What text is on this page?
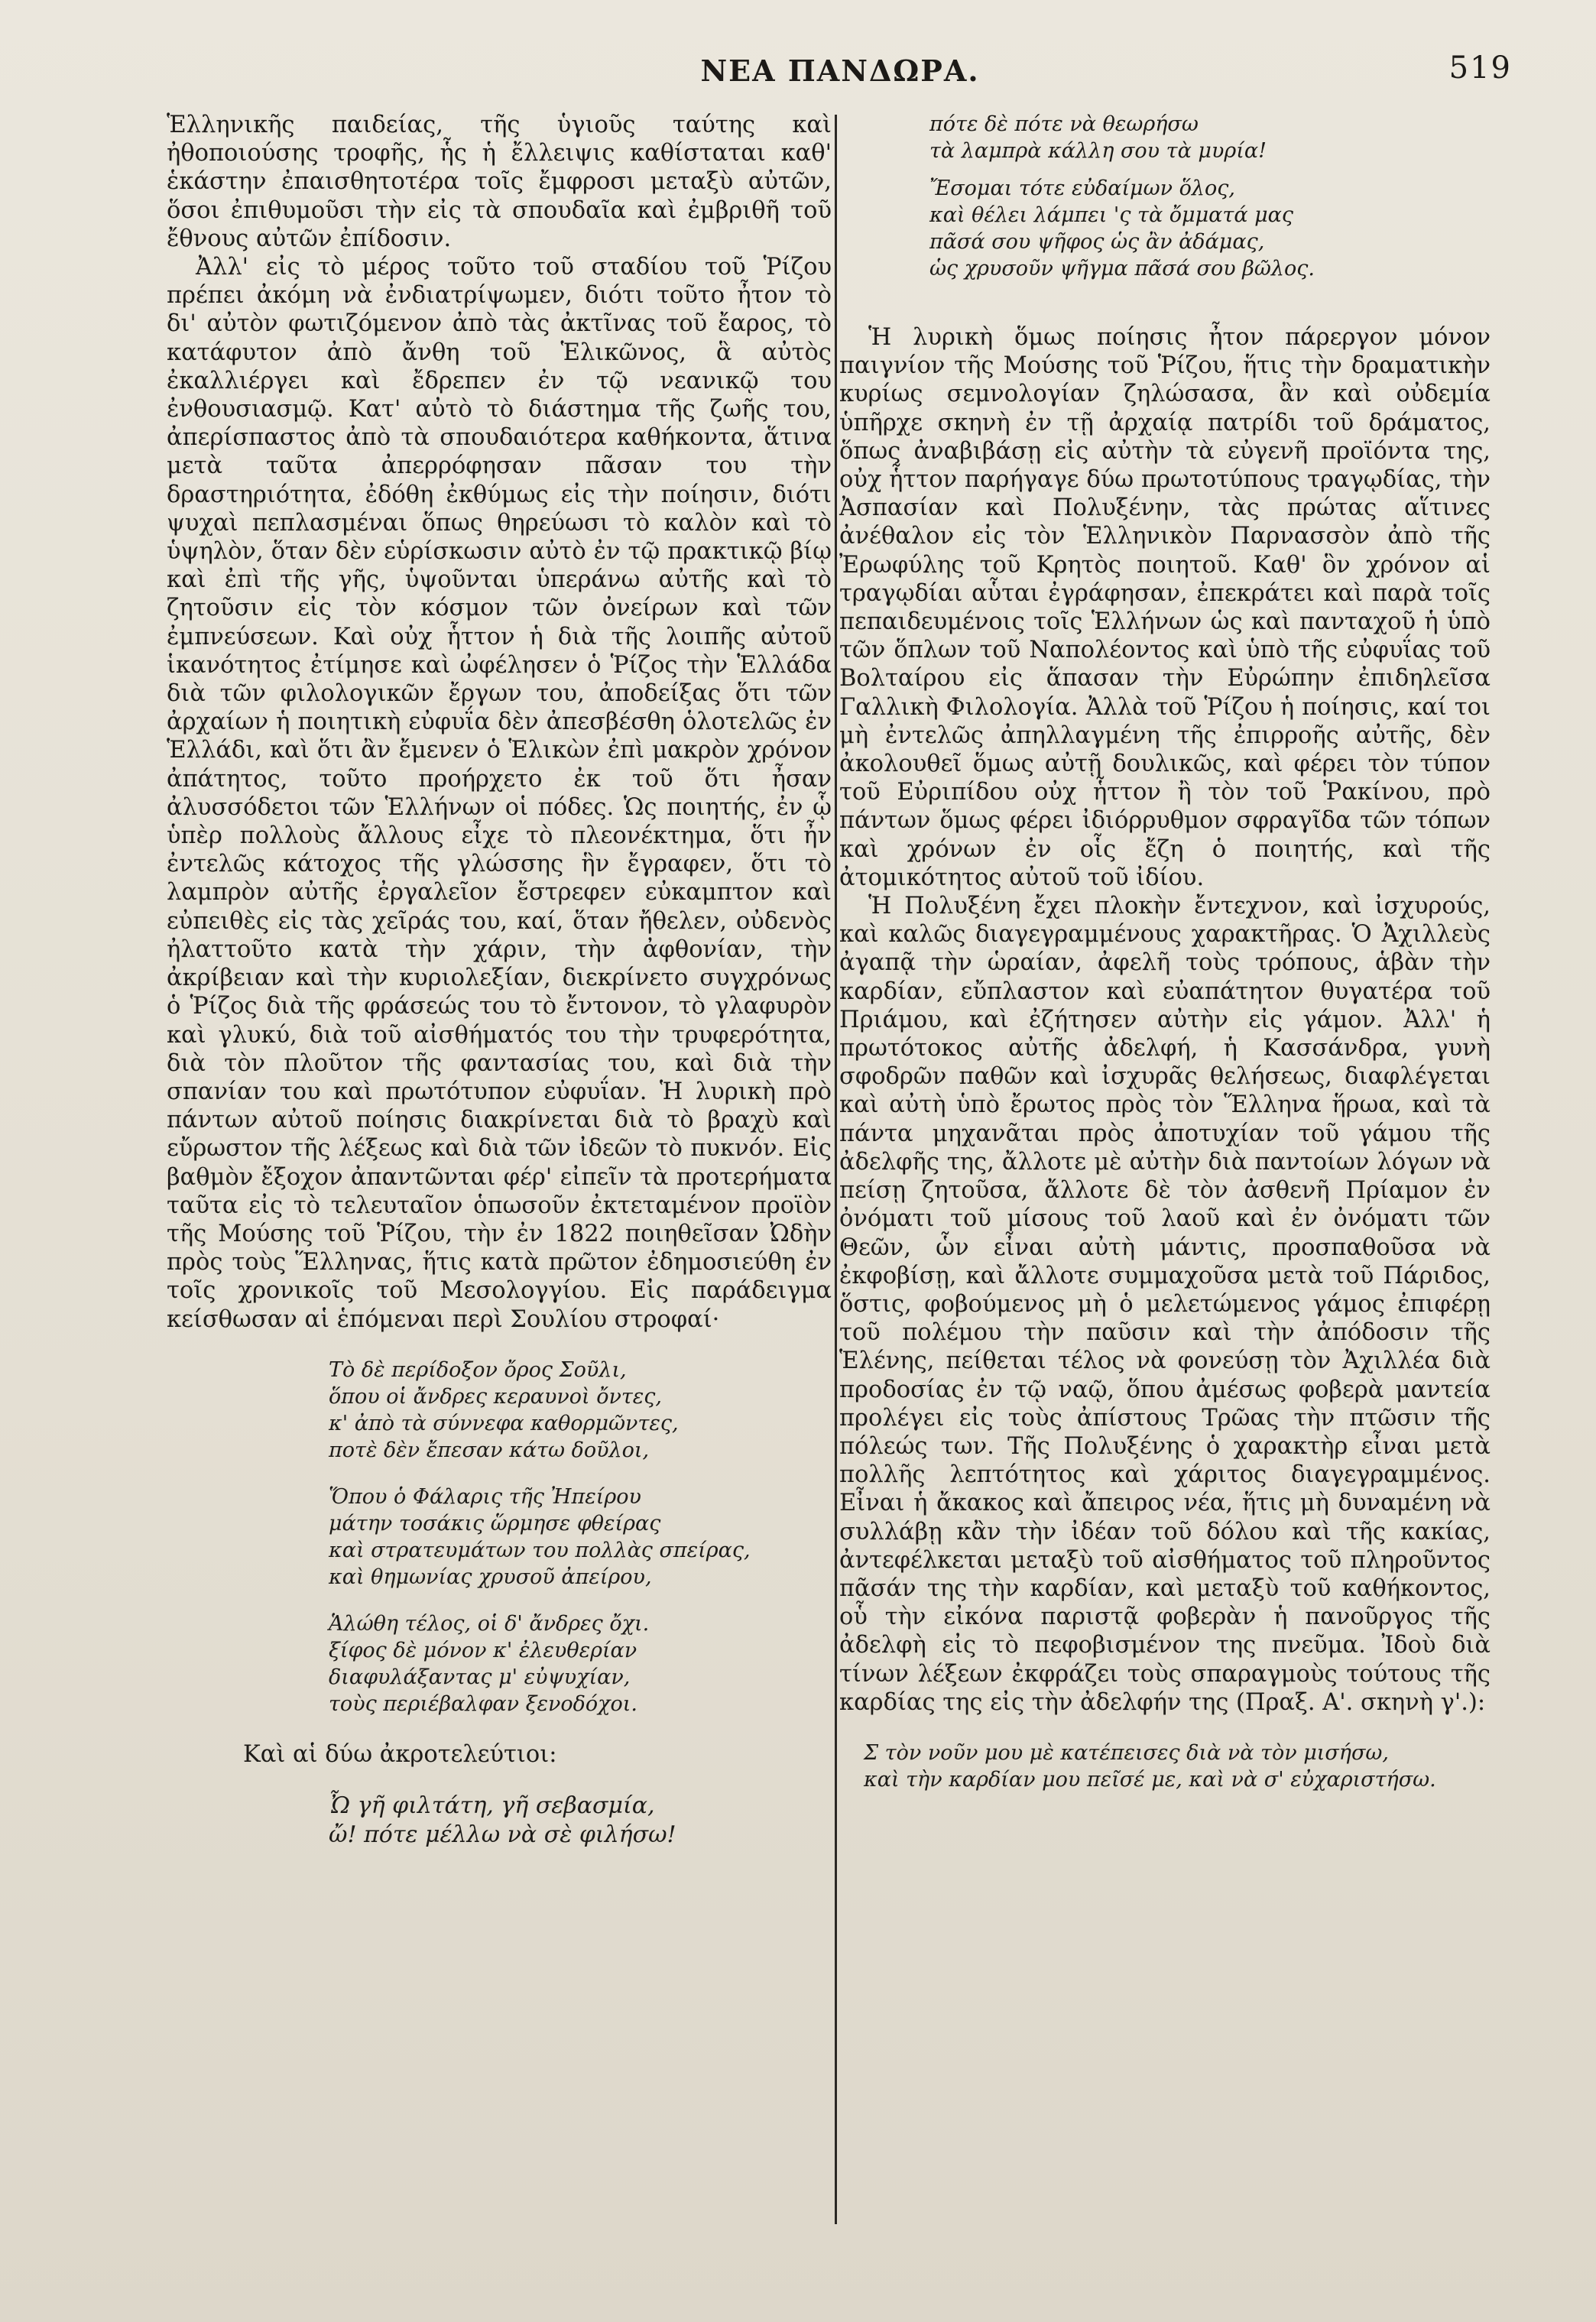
ΝΕΑ ΠΑΝΔΩΡΑ.	519

Ἑλληνικῆς παιδείας, τῆς ὑγιοῦς ταύτης καὶ ἠθοποιούσης τροφῆς, ἧς ἡ ἔλλειψις καθίσταται καθ' ἑκάστην ἐπαισθητοτέρα τοῖς ἔμφροσι μεταξὺ αὐτῶν, ὅσοι ἐπιθυμοῦσι τὴν εἰς τὰ σπουδαῖα καὶ ἐμβριθῆ τοῦ ἔθνους αὐτῶν ἐπίδοσιν.

Ἀλλ' εἰς τὸ μέρος τοῦτο τοῦ σταδίου τοῦ Ῥίζου πρέπει ἀκόμη νὰ ἐνδιατρίψωμεν, διότι τοῦτο ἦτον τὸ δι' αὐτὸν φωτιζόμενον ἀπὸ τὰς ἀκτῖνας τοῦ ἔαρος, τὸ κατάφυτον ἀπὸ ἄνθη τοῦ Ἑλικῶνος, ἃ αὐτὸς ἐκαλλιέργει καὶ ἔδρεπεν ἐν τῷ νεανικῷ του ἐνθουσιασμῷ. Κατ' αὐτὸ τὸ διάστημα τῆς ζωῆς του, ἀπερίσπαστος ἀπὸ τὰ σπουδαιότερα καθήκοντα, ἅτινα μετὰ ταῦτα ἀπερρόφησαν πᾶσαν του τὴν δραστηριότητα, ἐδόθη ἐκθύμως εἰς τὴν ποίησιν, διότι ψυχαὶ πεπλασμέναι ὅπως θηρεύωσι τὸ καλὸν καὶ τὸ ὑψηλὸν, ὅταν δὲν εὑρίσκωσιν αὐτὸ ἐν τῷ πρακτικῷ βίῳ καὶ ἐπὶ τῆς γῆς, ὑψοῦνται ὑπεράνω αὐτῆς καὶ τὸ ζητοῦσιν εἰς τὸν κόσμον τῶν ὀνείρων καὶ τῶν ἐμπνεύσεων. Καὶ οὐχ ἧττον ἡ διὰ τῆς λοιπῆς αὐτοῦ ἱκανότητος ἐτίμησε καὶ ὠφέλησεν ὁ Ῥίζος τὴν Ἑλλάδα διὰ τῶν φιλολογικῶν ἔργων του, ἀποδείξας ὅτι τῶν ἀρχαίων ἡ ποιητικὴ εὐφυΐα δὲν ἀπεσβέσθη ὁλοτελῶς ἐν Ἑλλάδι, καὶ ὅτι ἂν ἔμενεν ὁ Ἑλικὼν ἐπὶ μακρὸν χρόνον ἀπάτητος, τοῦτο προήρχετο ἐκ τοῦ ὅτι ἦσαν ἀλυσσόδετοι τῶν Ἑλλήνων οἱ πόδες. Ὡς ποιητής, ἐν ᾧ ὑπὲρ πολλοὺς ἄλλους εἶχε τὸ πλεονέκτημα, ὅτι ἦν ἐντελῶς κάτοχος τῆς γλώσσης ἣν ἔγραφεν, ὅτι τὸ λαμπρὸν αὐτῆς ἐργαλεῖον ἔστρεφεν εὐκαμπτον καὶ εὐπειθὲς εἰς τὰς χεῖράς του, καί, ὅταν ἤθελεν, οὐδενὸς ἠλαττοῦτο κατὰ τὴν χάριν, τὴν ἀφθονίαν, τὴν ἀκρίβειαν καὶ τὴν κυριολεξίαν, διεκρίνετο συγχρόνως ὁ Ῥίζος διὰ τῆς φράσεώς του τὸ ἔντονον, τὸ γλαφυρὸν καὶ γλυκύ, διὰ τοῦ αἰσθήματός του τὴν τρυφερότητα, διὰ τὸν πλοῦτον τῆς φαντασίας του, καὶ διὰ τὴν σπανίαν του καὶ πρωτότυπον εὐφυΐαν. Ἡ λυρικὴ πρὸ πάντων αὐτοῦ ποίησις διακρίνεται διὰ τὸ βραχὺ καὶ εὔρωστον τῆς λέξεως καὶ διὰ τῶν ἰδεῶν τὸ πυκνόν. Εἰς βαθμὸν ἔξοχον ἀπαντῶνται φέρ' εἰπεῖν τὰ προτερήματα ταῦτα εἰς τὸ τελευταῖον ὁπωσοῦν ἐκτεταμένον προϊὸν τῆς Μούσης τοῦ Ῥίζου, τὴν ἐν 1822 ποιηθεῖσαν Ὠδὴν πρὸς τοὺς Ἕλληνας, ἥτις κατὰ πρῶτον ἐδημοσιεύθη ἐν τοῖς χρονικοῖς τοῦ Μεσολογγίου. Εἰς παράδειγμα κείσθωσαν αἱ ἑπόμεναι περὶ Σουλίου στροφαί·

Τὸ δὲ περίδοξον ὄρος Σοῦλι,
ὅπου οἱ ἄνδρες κεραυνοὶ ὄντες,
κ' ἀπὸ τὰ σύννεφα καθορμῶντες,
ποτὲ δὲν ἔπεσαν κάτω δοῦλοι,
Ὅπου ὁ Φάλαρις τῆς Ἠπείρου
μάτην τοσάκις ὥρμησε φθείρας
καὶ στρατευμάτων του πολλὰς σπείρας,
καὶ θημωνίας χρυσοῦ ἀπείρου,
Ἁλώθη τέλος, οἱ δ' ἄνδρες ὄχι.
ξίφος δὲ μόνον κ' ἐλευθερίαν
διαφυλάξαντας μ' εὐψυχίαν,
τοὺς περιέβαλφαν ξενοδόχοι.

Καὶ αἱ δύω ἀκροτελεύτιοι:

Ὦ γῆ φιλτάτη, γῆ σεβασμία,
ὤ! πότε μέλλω νὰ σὲ φιλήσω!
πότε δὲ πότε νὰ θεωρήσω
τὰ λαμπρὰ κάλλη σου τὰ μυρία!
Ἔσομαι τότε εὐδαίμων ὅλος,
καὶ θέλει λάμπει 'ς τὰ ὄμματά μας
πᾶσά σου ψῆφος ὡς ἂν ἀδάμας,
ὡς χρυσοῦν ψῆγμα πᾶσά σου βῶλος.

Ἡ λυρικὴ ὅμως ποίησις ἦτον πάρεργον μόνον παιγνίον τῆς Μούσης τοῦ Ῥίζου, ἥτις τὴν δραματικὴν κυρίως σεμνολογίαν ζηλώσασα, ἂν καὶ οὐδεμία ὑπῆρχε σκηνὴ ἐν τῇ ἀρχαίᾳ πατρίδι τοῦ δράματος, ὅπως ἀναβιβάσῃ εἰς αὐτὴν τὰ εὐγενῆ προϊόντα της, οὐχ ἧττον παρήγαγε δύω πρωτοτύπους τραγῳδίας, τὴν Ἀσπασίαν καὶ Πολυξένην, τὰς πρώτας αἵτινες ἀνέθαλον εἰς τὸν Ἑλληνικὸν Παρνασσὸν ἀπὸ τῆς Ἐρωφύλης τοῦ Κρητὸς ποιητοῦ. Καθ' ὃν χρόνον αἱ τραγῳδίαι αὗται ἐγράφησαν, ἐπεκράτει καὶ παρὰ τοῖς πεπαιδευμένοις τοῖς Ἑλλήνων ὡς καὶ πανταχοῦ ἡ ὑπὸ τῶν ὅπλων τοῦ Ναπολέοντος καὶ ὑπὸ τῆς εὐφυΐας τοῦ Βολταίρου εἰς ἅπασαν τὴν Εὐρώπην ἐπιδηλεῖσα Γαλλικὴ Φιλολογία. Ἀλλὰ τοῦ Ῥίζου ἡ ποίησις, καί τοι μὴ ἐντελῶς ἀπηλλαγμένη τῆς ἐπιρροῆς αὐτῆς, δὲν ἀκολουθεῖ ὅμως αὐτῇ δουλικῶς, καὶ φέρει τὸν τύπον τοῦ Εὐριπίδου οὐχ ἧττον ἢ τὸν τοῦ Ῥακίνου, πρὸ πάντων ὅμως φέρει ἰδιόρρυθμον σφραγῖδα τῶν τόπων καὶ χρόνων ἐν οἷς ἔζη ὁ ποιητής, καὶ τῆς ἀτομικότητος αὐτοῦ τοῦ ἰδίου.

Ἡ Πολυξένη ἔχει πλοκὴν ἔντεχνον, καὶ ἰσχυρούς, καὶ καλῶς διαγεγραμμένους χαρακτῆρας. Ὁ Ἀχιλλεὺς ἀγαπᾷ τὴν ὡραίαν, ἀφελῆ τοὺς τρόπους, ἁβὰν τὴν καρδίαν, εὔπλαστον καὶ εὐαπάτητον θυγατέρα τοῦ Πριάμου, καὶ ἐζήτησεν αὐτὴν εἰς γάμον. Ἀλλ' ἡ πρωτότοκος αὐτῆς ἀδελφή, ἡ Κασσάνδρα, γυνὴ σφοδρῶν παθῶν καὶ ἰσχυρᾶς θελήσεως, διαφλέγεται καὶ αὐτὴ ὑπὸ ἔρωτος πρὸς τὸν Ἕλληνα ἥρωα, καὶ τὰ πάντα μηχανᾶται πρὸς ἀποτυχίαν τοῦ γάμου τῆς ἀδελφῆς της, ἄλλοτε μὲ αὐτὴν διὰ παντοίων λόγων νὰ πείσῃ ζητοῦσα, ἄλλοτε δὲ τὸν ἀσθενῆ Πρίαμον ἐν ὀνόματι τοῦ μίσους τοῦ λαοῦ καὶ ἐν ὀνόματι τῶν Θεῶν, ὧν εἶναι αὐτὴ μάντις, προσπαθοῦσα νὰ ἐκφοβίσῃ, καὶ ἄλλοτε συμμαχοῦσα μετὰ τοῦ Πάριδος, ὅστις, φοβούμενος μὴ ὁ μελετώμενος γάμος ἐπιφέρῃ τοῦ πολέμου τὴν παῦσιν καὶ τὴν ἀπόδοσιν τῆς Ἑλένης, πείθεται τέλος νὰ φονεύσῃ τὸν Ἀχιλλέα διὰ προδοσίας ἐν τῷ ναῷ, ὅπου ἀμέσως φοβερὰ μαντεία προλέγει εἰς τοὺς ἀπίστους Τρῶας τὴν πτῶσιν τῆς πόλεώς των. Τῆς Πολυξένης ὁ χαρακτὴρ εἶναι μετὰ πολλῆς λεπτότητος καὶ χάριτος διαγεγραμμένος. Εἶναι ἡ ἄκακος καὶ ἄπειρος νέα, ἥτις μὴ δυναμένη νὰ συλλάβῃ κἂν τὴν ἰδέαν τοῦ δόλου καὶ τῆς κακίας, ἀντεφέλκεται μεταξὺ τοῦ αἰσθήματος τοῦ πληροῦντος πᾶσάν της τὴν καρδίαν, καὶ μεταξὺ τοῦ καθήκοντος, οὗ τὴν εἰκόνα παριστᾷ φοβερὰν ἡ πανοῦργος τῆς ἀδελφὴ εἰς τὸ πεφοβισμένον της πνεῦμα. Ἰδοὺ διὰ τίνων λέξεων ἐκφράζει τοὺς σπαραγμοὺς τούτους τῆς καρδίας της εἰς τὴν ἀδελφήν της (Πραξ. Α'. σκηνὴ γ'.):

Σ τὸν νοῦν μου μὲ κατέπεισες διὰ νὰ τὸν μισήσω,
καὶ τὴν καρδίαν μου πεῖσέ με, καὶ νὰ σ' εὐχαριστήσω.
